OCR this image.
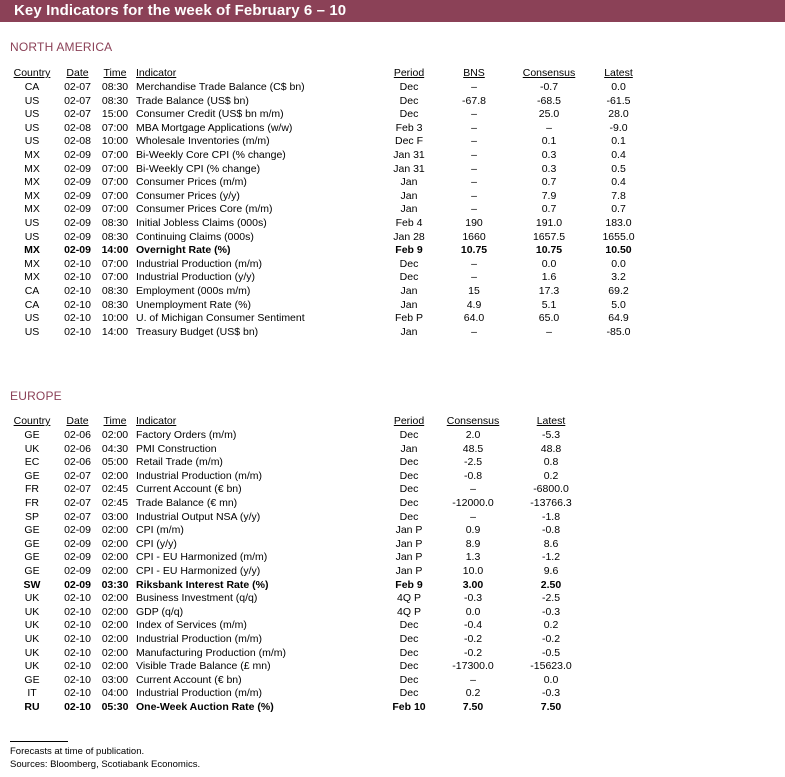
Key Indicators for the week of February 6 – 10
NORTH AMERICA
Country	Date	Time Indicator	Period	BNS	Consensus	Latest
CA	02-07 08:30 Merchandise Trade Balance (C$ bn)	Dec	–	-0.7	0.0
US	02-07 08:30 Trade Balance (US$ bn)	Dec	-67.8	-68.5	-61.5
US	02-07 15:00 Consumer Credit (US$ bn m/m)	Dec	–	25.0	28.0
US	02-08 07:00 MBA Mortgage Applications (w/w)	Feb 3	–	–	-9.0
US	02-08 10:00 Wholesale Inventories (m/m)	Dec F	–	0.1	0.1
MX	02-09 07:00 Bi-Weekly Core CPI (% change)	Jan 31	–	0.3	0.4
MX	02-09 07:00 Bi-Weekly CPI (% change)	Jan 31	–	0.3	0.5
MX	02-09 07:00 Consumer Prices (m/m)	Jan	–	0.7	0.4
MX	02-09 07:00 Consumer Prices (y/y)	Jan	–	7.9	7.8
MX	02-09 07:00 Consumer Prices Core (m/m)	Jan	–	0.7	0.7
US	02-09 08:30 Initial Jobless Claims (000s)	Feb 4	190	191.0	183.0
US	02-09 08:30 Continuing Claims (000s)	Jan 28	1660	1657.5	1655.0
MX	02-09 14:00 Overnight Rate (%)	Feb 9	10.75	10.75	10.50
MX	02-10 07:00 Industrial Production (m/m)	Dec	–	0.0	0.0
MX	02-10 07:00 Industrial Production (y/y)	Dec	–	1.6	3.2
CA	02-10 08:30 Employment (000s m/m)	Jan	15	17.3	69.2
CA	02-10 08:30 Unemployment Rate (%)	Jan	4.9	5.1	5.0
US	02-10 10:00 U. of Michigan Consumer Sentiment	Feb P	64.0	65.0	64.9
US	02-10 14:00 Treasury Budget (US$ bn)	Jan	–	–	-85.0
EUROPE
Country	Date	Time Indicator	Period	Consensus	Latest
GE	02-06 02:00 Factory Orders (m/m)	Dec	2.0	-5.3
UK	02-06 04:30 PMI Construction	Jan	48.5	48.8
EC	02-06 05:00 Retail Trade (m/m)	Dec	-2.5	0.8
GE	02-07 02:00 Industrial Production (m/m)	Dec	-0.8	0.2
FR	02-07 02:45 Current Account (€ bn)	Dec	–	-6800.0
FR	02-07 02:45 Trade Balance (€ mn)	Dec	-12000.0	-13766.3
SP	02-07 03:00 Industrial Output NSA (y/y)	Dec	–	-1.8
GE	02-09 02:00 CPI (m/m)	Jan P	0.9	-0.8
GE	02-09 02:00 CPI (y/y)	Jan P	8.9	8.6
GE	02-09 02:00 CPI - EU Harmonized (m/m)	Jan P	1.3	-1.2
GE	02-09 02:00 CPI - EU Harmonized (y/y)	Jan P	10.0	9.6
SW	02-09 03:30 Riksbank Interest Rate (%)	Feb 9	3.00	2.50
UK	02-10 02:00 Business Investment (q/q)	4Q P	-0.3	-2.5
UK	02-10 02:00 GDP (q/q)	4Q P	0.0	-0.3
UK	02-10 02:00 Index of Services (m/m)	Dec	-0.4	0.2
UK	02-10 02:00 Industrial Production (m/m)	Dec	-0.2	-0.2
UK	02-10 02:00 Manufacturing Production (m/m)	Dec	-0.2	-0.5
UK	02-10 02:00 Visible Trade Balance (£ mn)	Dec	-17300.0	-15623.0
GE	02-10 03:00 Current Account (€ bn)	Dec	–	0.0
IT	02-10 04:00 Industrial Production (m/m)	Dec	0.2	-0.3
RU	02-10 05:30 One-Week Auction Rate (%)	Feb 10	7.50	7.50
Forecasts at time of publication.
Sources: Bloomberg, Scotiabank Economics.
